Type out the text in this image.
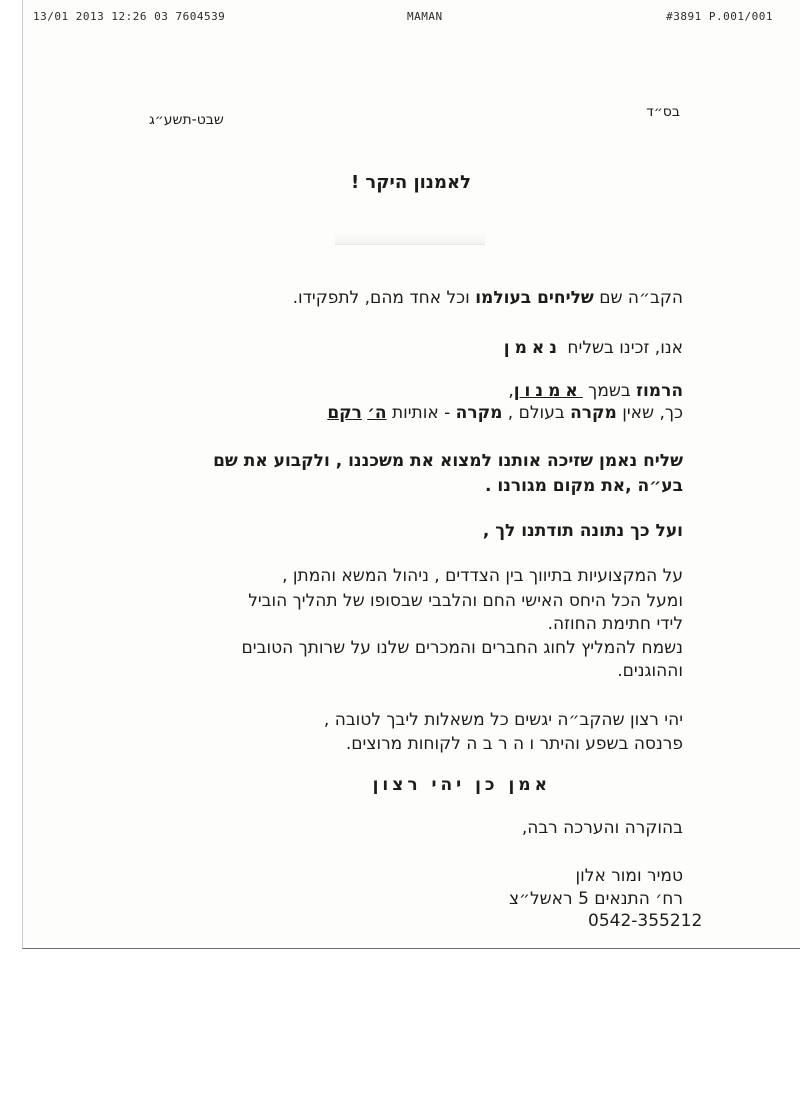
13/01 2013 12:26 03 7604539	MAMAN	#3891 P.001/001
בס״ד
שבט-תשע״ג
לאמנון היקר !
הקב״ה שם שליחים בעולמו וכל אחד מהם, לתפקידו.
אנו, זכינו בשליח נאמן
הרמוז בשמך אמנון,
כך, שאין מקרה בעולם , מקרה - אותיות ה׳ רקם
שליח נאמן שזיכה אותנו למצוא את משכננו , ולקבוע את שם
בע״ה ,את מקום מגורנו .
ועל כך נתונה תודתנו לך ,
על המקצועיות בתיווך בין הצדדים , ניהול המשא והמתן ,
ומעל הכל היחס האישי החם והלבבי שבסופו של תהליך הוביל
לידי חתימת החוזה.
נשמח להמליץ לחוג החברים והמכרים שלנו על שרותך הטובים
וההוגנים.
יהי רצון שהקב״ה יגשים כל משאלות ליבך לטובה ,
פרנסה בשפע והיתר ו ה ר ב ה לקוחות מרוצים.
אמן כן יהי רצון
בהוקרה והערכה רבה,
טמיר ומור אלון
רח׳ התנאים 5 ראשל״צ
0542-355212
